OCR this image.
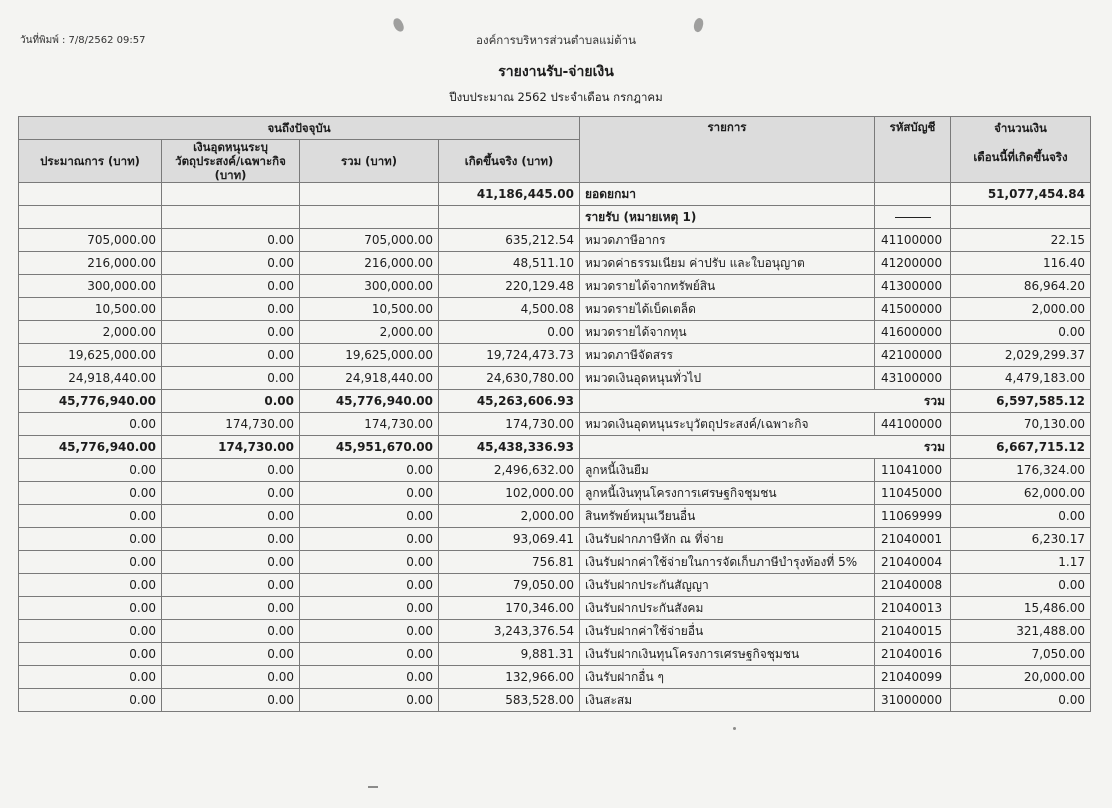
วันที่พิมพ์ : 7/8/2562 09:57	องค์การบริหารส่วนตำบลแม่ต้าน
รายงานรับ-จ่ายเงิน
ปีงบประมาณ 2562 ประจำเดือน กรกฎาคม
จนถึงปัจจุบัน				รายการ	รหัสบัญชี	จำนวนเงิน
เดือนนี้ที่เกิดขึ้นจริง

ประมาณการ (บาท)	เงินอุดหนุนระบุวัตถุประสงค์/เฉพาะกิจ (บาท)	รวม (บาท)	เกิดขึ้นจริง (บาท)			
			41,186,445.00	ยอดยกมา		51,077,454.84
				รายรับ (หมายเหตุ 1)		
705,000.00	0.00	705,000.00	635,212.54	หมวดภาษีอากร	41100000	22.15
216,000.00	0.00	216,000.00	48,511.10	หมวดค่าธรรมเนียม ค่าปรับ และใบอนุญาต	41200000	116.40
300,000.00	0.00	300,000.00	220,129.48	หมวดรายได้จากทรัพย์สิน	41300000	86,964.20
10,500.00	0.00	10,500.00	4,500.08	หมวดรายได้เบ็ดเตล็ด	41500000	2,000.00
2,000.00	0.00	2,000.00	0.00	หมวดรายได้จากทุน	41600000	0.00
19,625,000.00	0.00	19,625,000.00	19,724,473.73	หมวดภาษีจัดสรร	42100000	2,029,299.37
24,918,440.00	0.00	24,918,440.00	24,630,780.00	หมวดเงินอุดหนุนทั่วไป	43100000	4,479,183.00
45,776,940.00	0.00	45,776,940.00	45,263,606.93	รวม		6,597,585.12
0.00	174,730.00	174,730.00	174,730.00	หมวดเงินอุดหนุนระบุวัตถุประสงค์/เฉพาะกิจ	44100000	70,130.00
45,776,940.00	174,730.00	45,951,670.00	45,438,336.93	รวม		6,667,715.12
0.00	0.00	0.00	2,496,632.00	ลูกหนี้เงินยืม	11041000	176,324.00
0.00	0.00	0.00	102,000.00	ลูกหนี้เงินทุนโครงการเศรษฐกิจชุมชน	11045000	62,000.00
0.00	0.00	0.00	2,000.00	สินทรัพย์หมุนเวียนอื่น	11069999	0.00
0.00	0.00	0.00	93,069.41	เงินรับฝากภาษีหัก ณ ที่จ่าย	21040001	6,230.17
0.00	0.00	0.00	756.81	เงินรับฝากค่าใช้จ่ายในการจัดเก็บภาษีบำรุงท้องที่ 5%	21040004	1.17
0.00	0.00	0.00	79,050.00	เงินรับฝากประกันสัญญา	21040008	0.00
0.00	0.00	0.00	170,346.00	เงินรับฝากประกันสังคม	21040013	15,486.00
0.00	0.00	0.00	3,243,376.54	เงินรับฝากค่าใช้จ่ายอื่น	21040015	321,488.00
0.00	0.00	0.00	9,881.31	เงินรับฝากเงินทุนโครงการเศรษฐกิจชุมชน	21040016	7,050.00
0.00	0.00	0.00	132,966.00	เงินรับฝากอื่น ๆ	21040099	20,000.00
0.00	0.00	0.00	583,528.00	เงินสะสม	31000000	0.00
